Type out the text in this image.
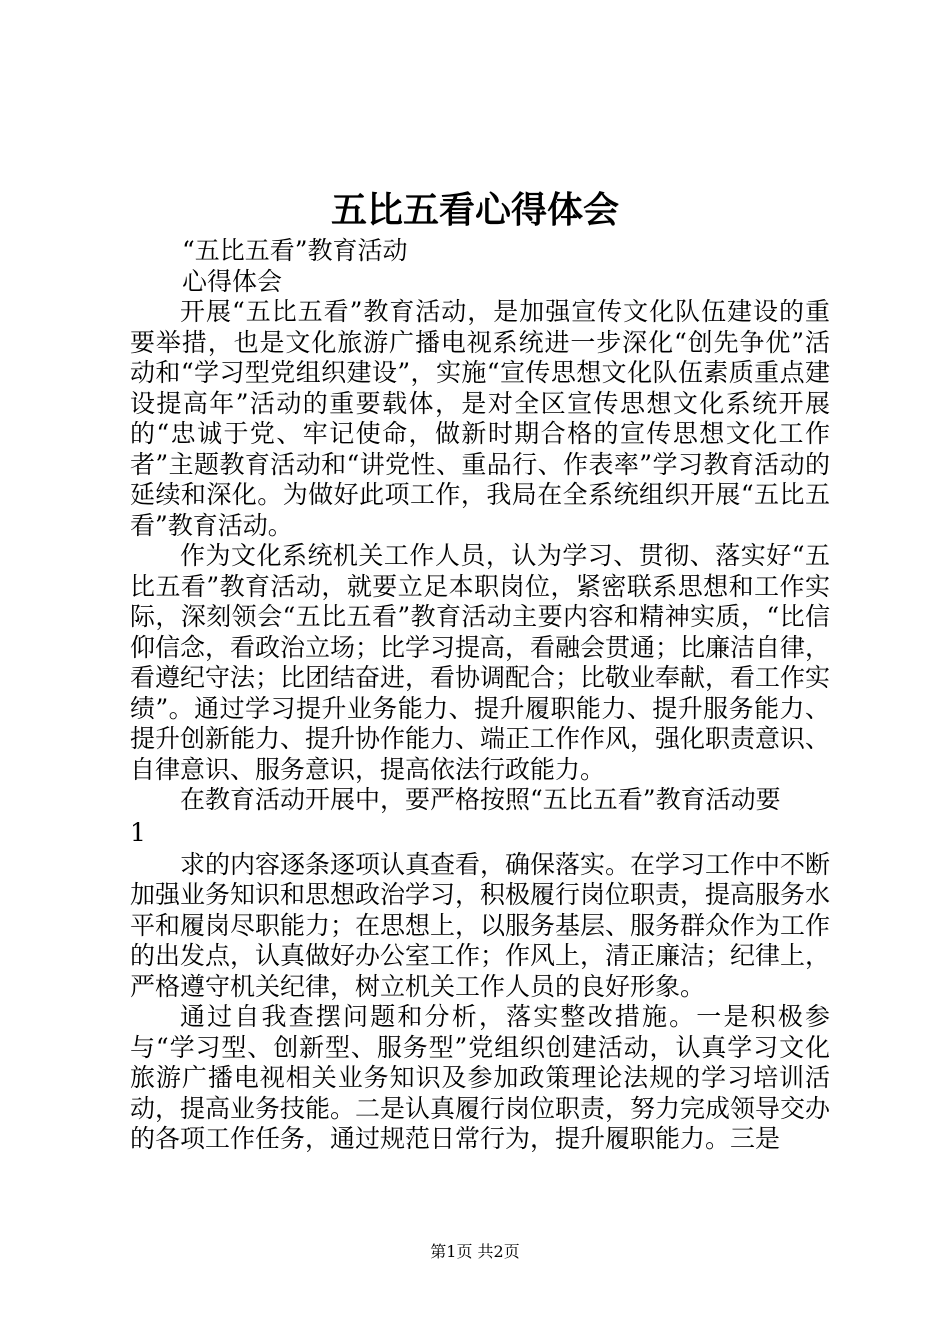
五比五看心得体会

“五比五看”教育活动

心得体会

开展“五比五看”教育活动，是加强宣传文化队伍建设的重要举措，也是文化旅游广播电视系统进一步深化“创先争优”活动和“学习型党组织建设”，实施“宣传思想文化队伍素质重点建设提高年”活动的重要载体，是对全区宣传思想文化系统开展的“忠诚于党、牢记使命，做新时期合格的宣传思想文化工作者”主题教育活动和“讲党性、重品行、作表率”学习教育活动的延续和深化。为做好此项工作，我局在全系统组织开展“五比五看”教育活动。

作为文化系统机关工作人员，认为学习、贯彻、落实好“五比五看”教育活动，就要立足本职岗位，紧密联系思想和工作实际，深刻领会“五比五看”教育活动主要内容和精神实质，“比信仰信念，看政治立场；比学习提高，看融会贯通；比廉洁自律，看遵纪守法；比团结奋进，看协调配合；比敬业奉献，看工作实绩”。通过学习提升业务能力、提升履职能力、提升服务能力、提升创新能力、提升协作能力、端正工作作风，强化职责意识、自律意识、服务意识，提高依法行政能力。

在教育活动开展中，要严格按照“五比五看”教育活动要

1

求的内容逐条逐项认真查看，确保落实。在学习工作中不断加强业务知识和思想政治学习，积极履行岗位职责，提高服务水平和履岗尽职能力；在思想上，以服务基层、服务群众作为工作的出发点，认真做好办公室工作；作风上，清正廉洁；纪律上，严格遵守机关纪律，树立机关工作人员的良好形象。

通过自我查摆问题和分析，落实整改措施。一是积极参与“学习型、创新型、服务型”党组织创建活动，认真学习文化旅游广播电视相关业务知识及参加政策理论法规的学习培训活动，提高业务技能。二是认真履行岗位职责，努力完成领导交办的各项工作任务，通过规范日常行为，提升履职能力。三是

第1页 共2页
